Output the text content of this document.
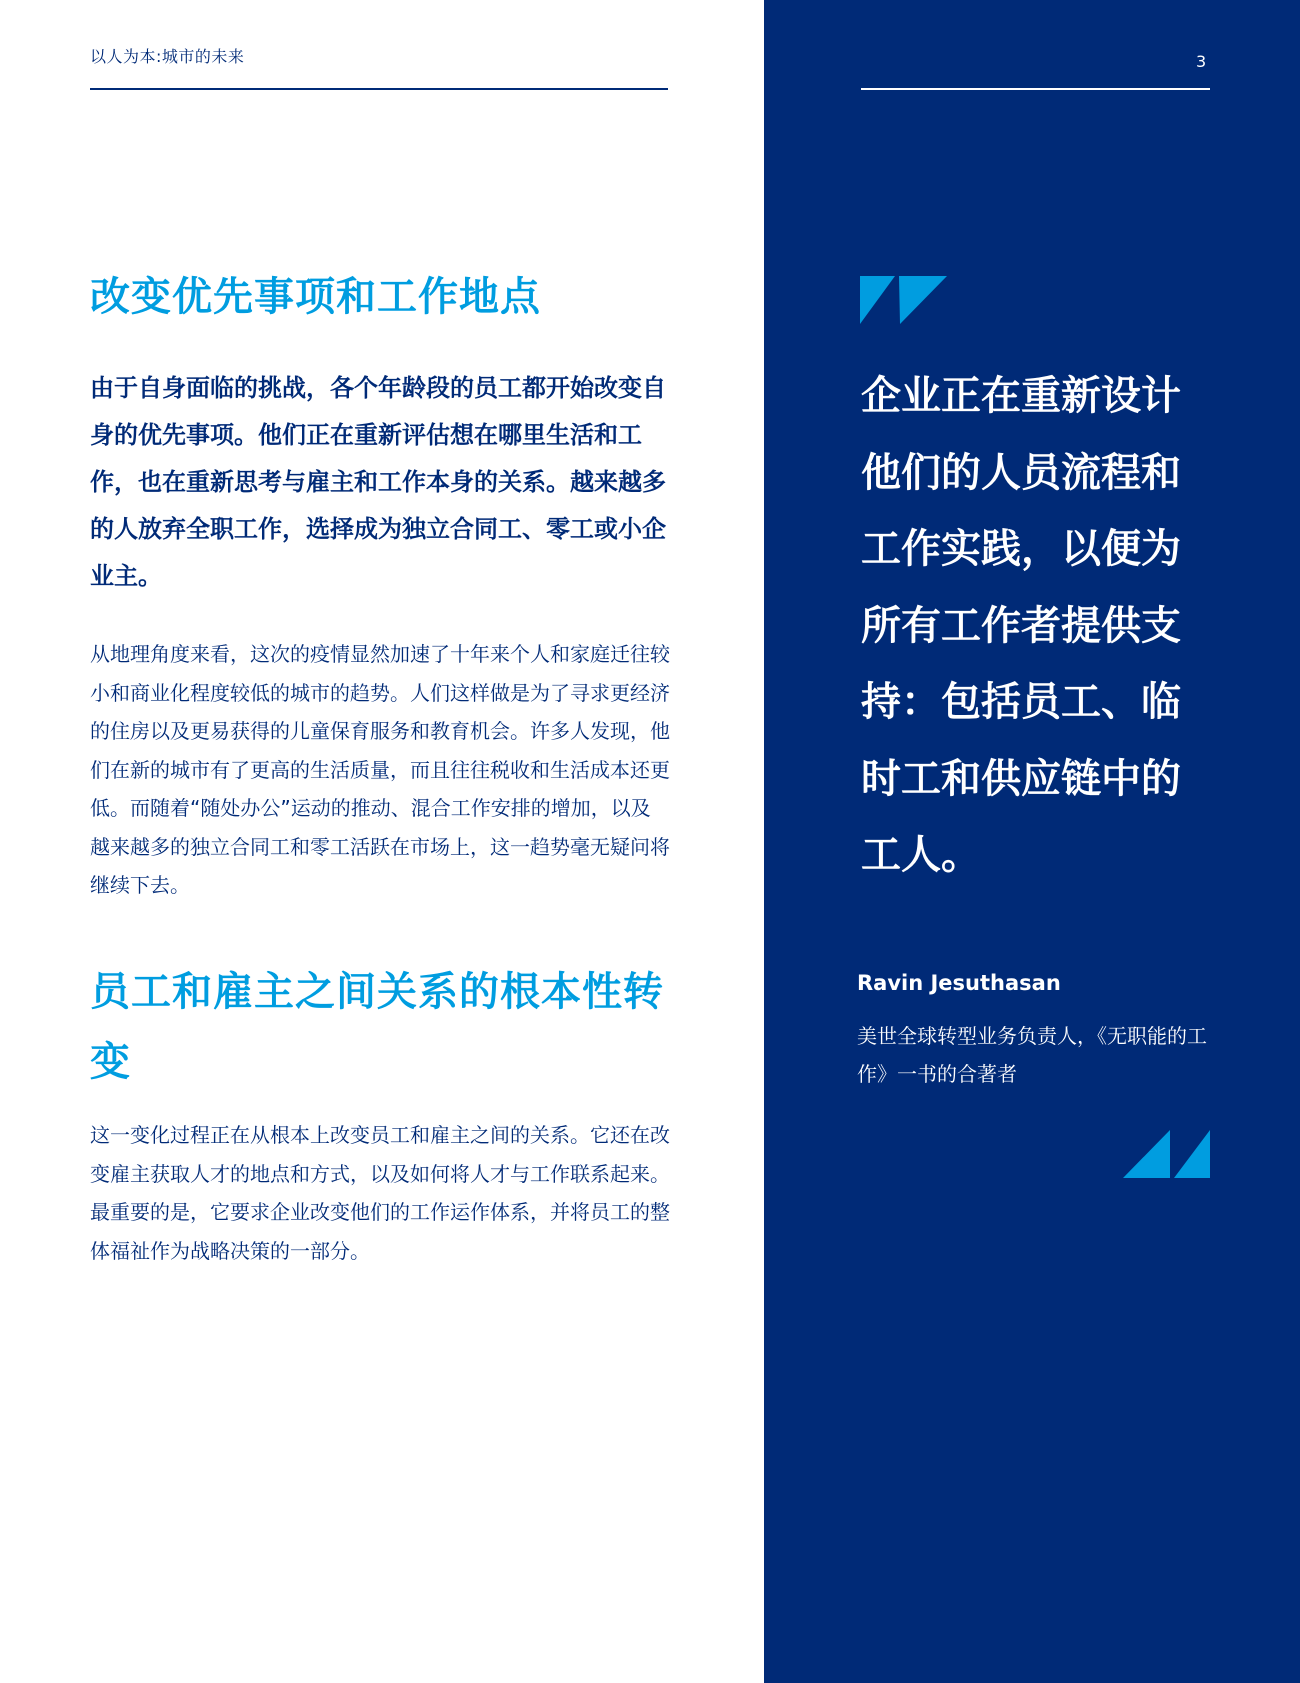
以人为本:城市的未来
改变优先事项和工作地点

由于自身面临的挑战，各个年龄段的员工都开始改变自身的优先事项。他们正在重新评估想在哪里生活和工作，也在重新思考与雇主和工作本身的关系。越来越多的人放弃全职工作，选择成为独立合同工、零工或小企业主。

从地理角度来看，这次的疫情显然加速了十年来个人和家庭迁往较小和商业化程度较低的城市的趋势。人们这样做是为了寻求更经济的住房以及更易获得的儿童保育服务和教育机会。许多人发现，他们在新的城市有了更高的生活质量，而且往往税收和生活成本还更低。而随着“随处办公”运动的推动、混合工作安排的增加，以及越来越多的独立合同工和零工活跃在市场上，这一趋势毫无疑问将继续下去。

员工和雇主之间关系的根本性转变

这一变化过程正在从根本上改变员工和雇主之间的关系。它还在改变雇主获取人才的地点和方式，以及如何将人才与工作联系起来。最重要的是，它要求企业改变他们的工作运作体系，并将员工的整体福祉作为战略决策的一部分。

3

企业正在重新设计他们的人员流程和工作实践，以便为所有工作者提供支持：包括员工、临时工和供应链中的工人。

Ravin Jesuthasan

美世全球转型业务负责人，《无职能的工作》一书的合著者
